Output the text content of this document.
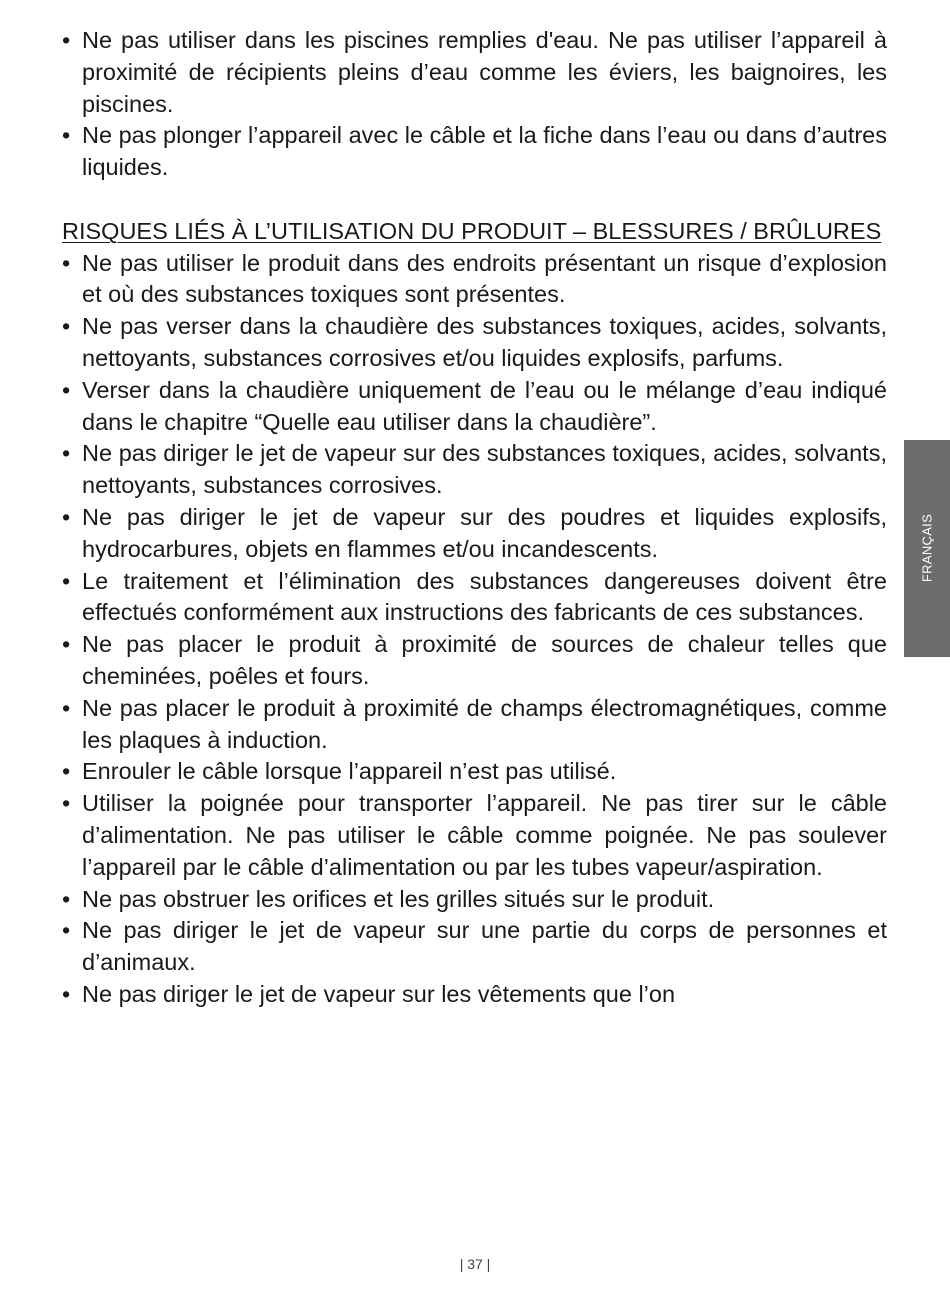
• Ne pas utiliser dans les piscines remplies d'eau. Ne pas utiliser l’appareil à proximité de récipients pleins d’eau comme les éviers, les baignoires, les piscines.
• Ne pas plonger l’appareil avec le câble et la fiche dans l’eau ou dans d’autres liquides.
RISQUES LIÉS À L’UTILISATION DU PRODUIT – BLESSURES / BRÛLURES
• Ne pas utiliser le produit dans des endroits présentant un risque d’explosion et où des substances toxiques sont présentes.
• Ne pas verser dans la chaudière des substances toxiques, acides, solvants, nettoyants, substances corrosives et/ou liquides explosifs, parfums.
• Verser dans la chaudière uniquement de l’eau ou le mélange d’eau indiqué dans le chapitre “Quelle eau utiliser dans la chaudière”.
• Ne pas diriger le jet de vapeur sur des substances toxiques, acides, solvants, nettoyants, substances corrosives.
• Ne pas diriger le jet de vapeur sur des poudres et liquides explosifs, hydrocarbures, objets en flammes et/ou incandescents.
• Le traitement et l’élimination des substances dangereuses doivent être effectués conformément aux instructions des fabricants de ces substances.
• Ne pas placer le produit à proximité de sources de chaleur telles que cheminées, poêles et fours.
• Ne pas placer le produit à proximité de champs électromagnétiques, comme les plaques à induction.
• Enrouler le câble lorsque l’appareil n’est pas utilisé.
• Utiliser la poignée pour transporter l’appareil. Ne pas tirer sur le câble d’alimentation. Ne pas utiliser le câble comme poignée. Ne pas soulever l’appareil par le câble d’alimentation ou par les tubes vapeur/aspiration.
• Ne pas obstruer les orifices et les grilles situés sur le produit.
• Ne pas diriger le jet de vapeur sur une partie du corps de personnes et d’animaux.
• Ne pas diriger le jet de vapeur sur les vêtements que l’on
FRANÇAIS
| 37 |
